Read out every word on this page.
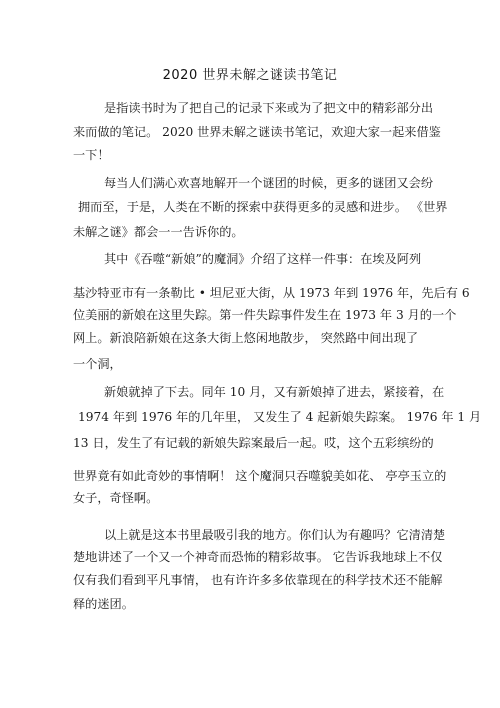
2020 世界未解之谜读书笔记
是指读书时为了把自己的记录下来或为了把文中的精彩部分出
来而做的笔记。 2020 世界未解之谜读书笔记，欢迎大家一起来借鉴
一下！
每当人们满心欢喜地解开一个谜团的时候，更多的谜团又会纷
拥而至，于是，人类在不断的探索中获得更多的灵感和进步。 《世界
未解之谜》都会一一告诉你的。
其中《吞噬“新娘”的魔洞》介绍了这样一件事：在埃及阿列
基沙特亚市有一条勒比 • 坦尼亚大街，从 1973 年到 1976 年，先后有 6
位美丽的新娘在这里失踪。第一件失踪事件发生在 1973 年 3 月的一个
网上。新浪陪新娘在这条大街上悠闲地散步， 突然路中间出现了
一个洞，
新娘就掉了下去。同年 10 月，又有新娘掉了进去，紧接着，在
1974 年到 1976 年的几年里， 又发生了 4 起新娘失踪案。 1976 年 1 月
13 日，发生了有记载的新娘失踪案最后一起。哎，这个五彩缤纷的
世界竟有如此奇妙的事情啊！ 这个魔洞只吞噬貌美如花、 亭亭玉立的
女子，奇怪啊。
以上就是这本书里最吸引我的地方。你们认为有趣吗？它清清楚
楚地讲述了一个又一个神奇而恐怖的精彩故事。 它告诉我地球上不仅
仅有我们看到平凡事情， 也有许许多多依靠现在的科学技术还不能解
释的迷团。
